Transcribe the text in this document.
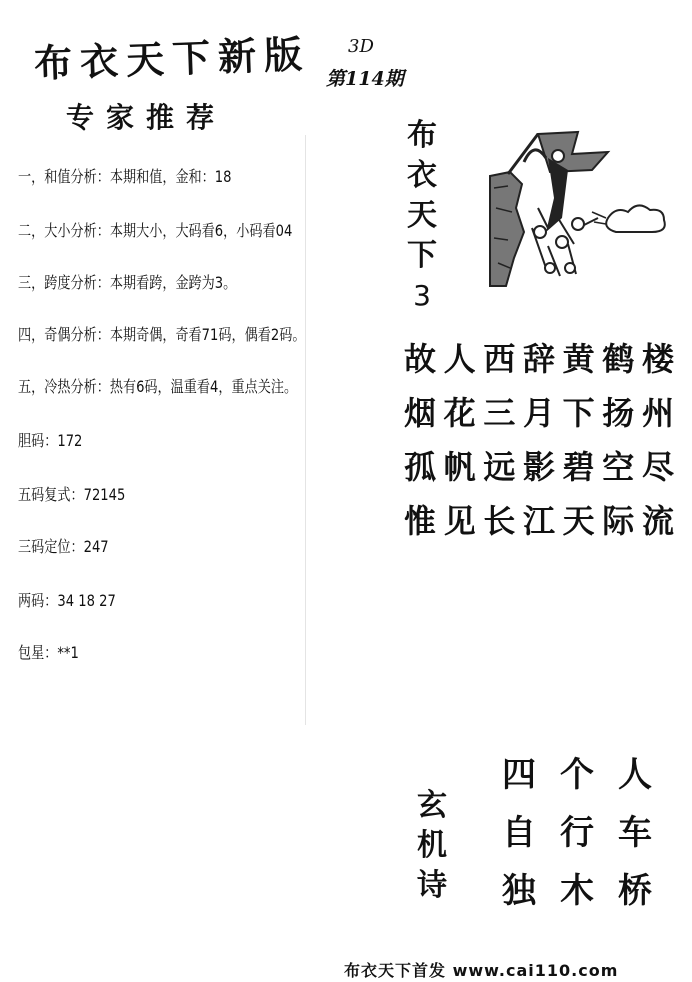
布衣天下新版 3D
第114期
专家推荐
一，和值分析：本期和值，金和：18
二，大小分析：本期大小，大码看6，小码看04
三，跨度分析：本期看跨，金跨为3。
四，奇偶分析：本期奇偶，奇看71码，偶看2码。
五，冷热分析：热有6码，温重看4，重点关注。
胆码：172
五码复式：72145
三码定位：247
两码：34 18 27
包星：**1
布
衣
天
下
3
故 人 西 辞 黄 鹤 楼
烟 花 三 月 下 扬 州
孤 帆 远 影 碧 空 尽
惟 见 长 江 天 际 流
玄
机
诗
四 个 人
自 行 车
独 木 桥
布衣天下首发 www.cai110.com
